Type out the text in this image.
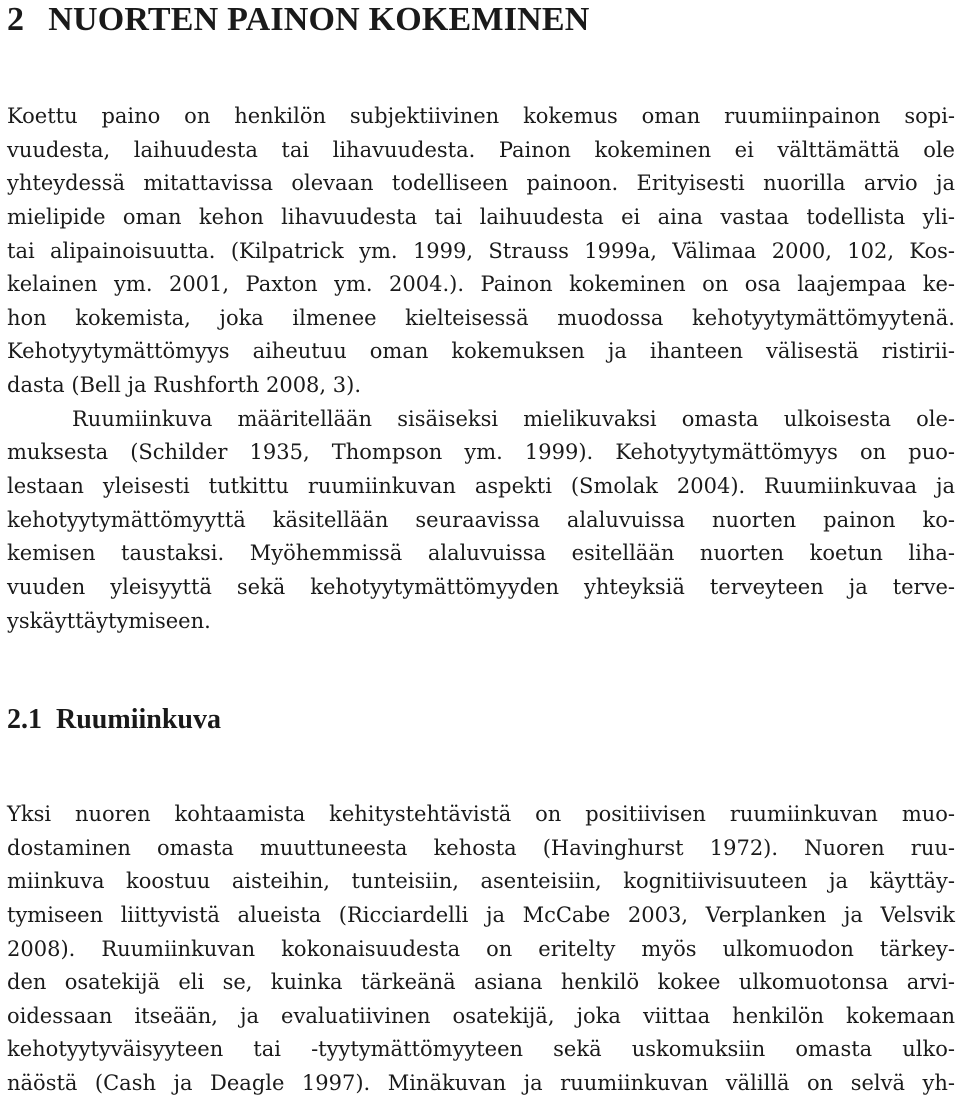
2 NUORTEN PAINON KOKEMINEN
Koettu paino on henkilön subjektiivinen kokemus oman ruumiinpainon sopi-
vuudesta, laihuudesta tai lihavuudesta. Painon kokeminen ei välttämättä ole
yhteydessä mitattavissa olevaan todelliseen painoon. Erityisesti nuorilla arvio ja
mielipide oman kehon lihavuudesta tai laihuudesta ei aina vastaa todellista yli-
tai alipainoisuutta. (Kilpatrick ym. 1999, Strauss 1999a, Välimaa 2000, 102, Kos-
kelainen ym. 2001, Paxton ym. 2004.). Painon kokeminen on osa laajempaa ke-
hon kokemista, joka ilmenee kielteisessä muodossa kehotyytymättömyytenä.
Kehotyytymättömyys aiheutuu oman kokemuksen ja ihanteen välisestä ristirii-
dasta (Bell ja Rushforth 2008, 3).
Ruumiinkuva määritellään sisäiseksi mielikuvaksi omasta ulkoisesta ole-
muksesta (Schilder 1935, Thompson ym. 1999). Kehotyytymättömyys on puo-
lestaan yleisesti tutkittu ruumiinkuvan aspekti (Smolak 2004). Ruumiinkuvaa ja
kehotyytymättömyyttä käsitellään seuraavissa alaluvuissa nuorten painon ko-
kemisen taustaksi. Myöhemmissä alaluvuissa esitellään nuorten koetun liha-
vuuden yleisyyttä sekä kehotyytymättömyyden yhteyksiä terveyteen ja terve-
yskäyttäytymiseen.
2.1 Ruumiinkuva
Yksi nuoren kohtaamista kehitystehtävistä on positiivisen ruumiinkuvan muo-
dostaminen omasta muuttuneesta kehosta (Havinghurst 1972). Nuoren ruu-
miinkuva koostuu aisteihin, tunteisiin, asenteisiin, kognitiivisuuteen ja käyttäy-
tymiseen liittyvistä alueista (Ricciardelli ja McCabe 2003, Verplanken ja Velsvik
2008). Ruumiinkuvan kokonaisuudesta on eritelty myös ulkomuodon tärkey-
den osatekijä eli se, kuinka tärkeänä asiana henkilö kokee ulkomuotonsa arvi-
oidessaan itseään, ja evaluatiivinen osatekijä, joka viittaa henkilön kokemaan
kehotyytyväisyyteen tai -tyytymättömyyteen sekä uskomuksiin omasta ulko-
näöstä (Cash ja Deagle 1997). Minäkuvan ja ruumiinkuvan välillä on selvä yh-
